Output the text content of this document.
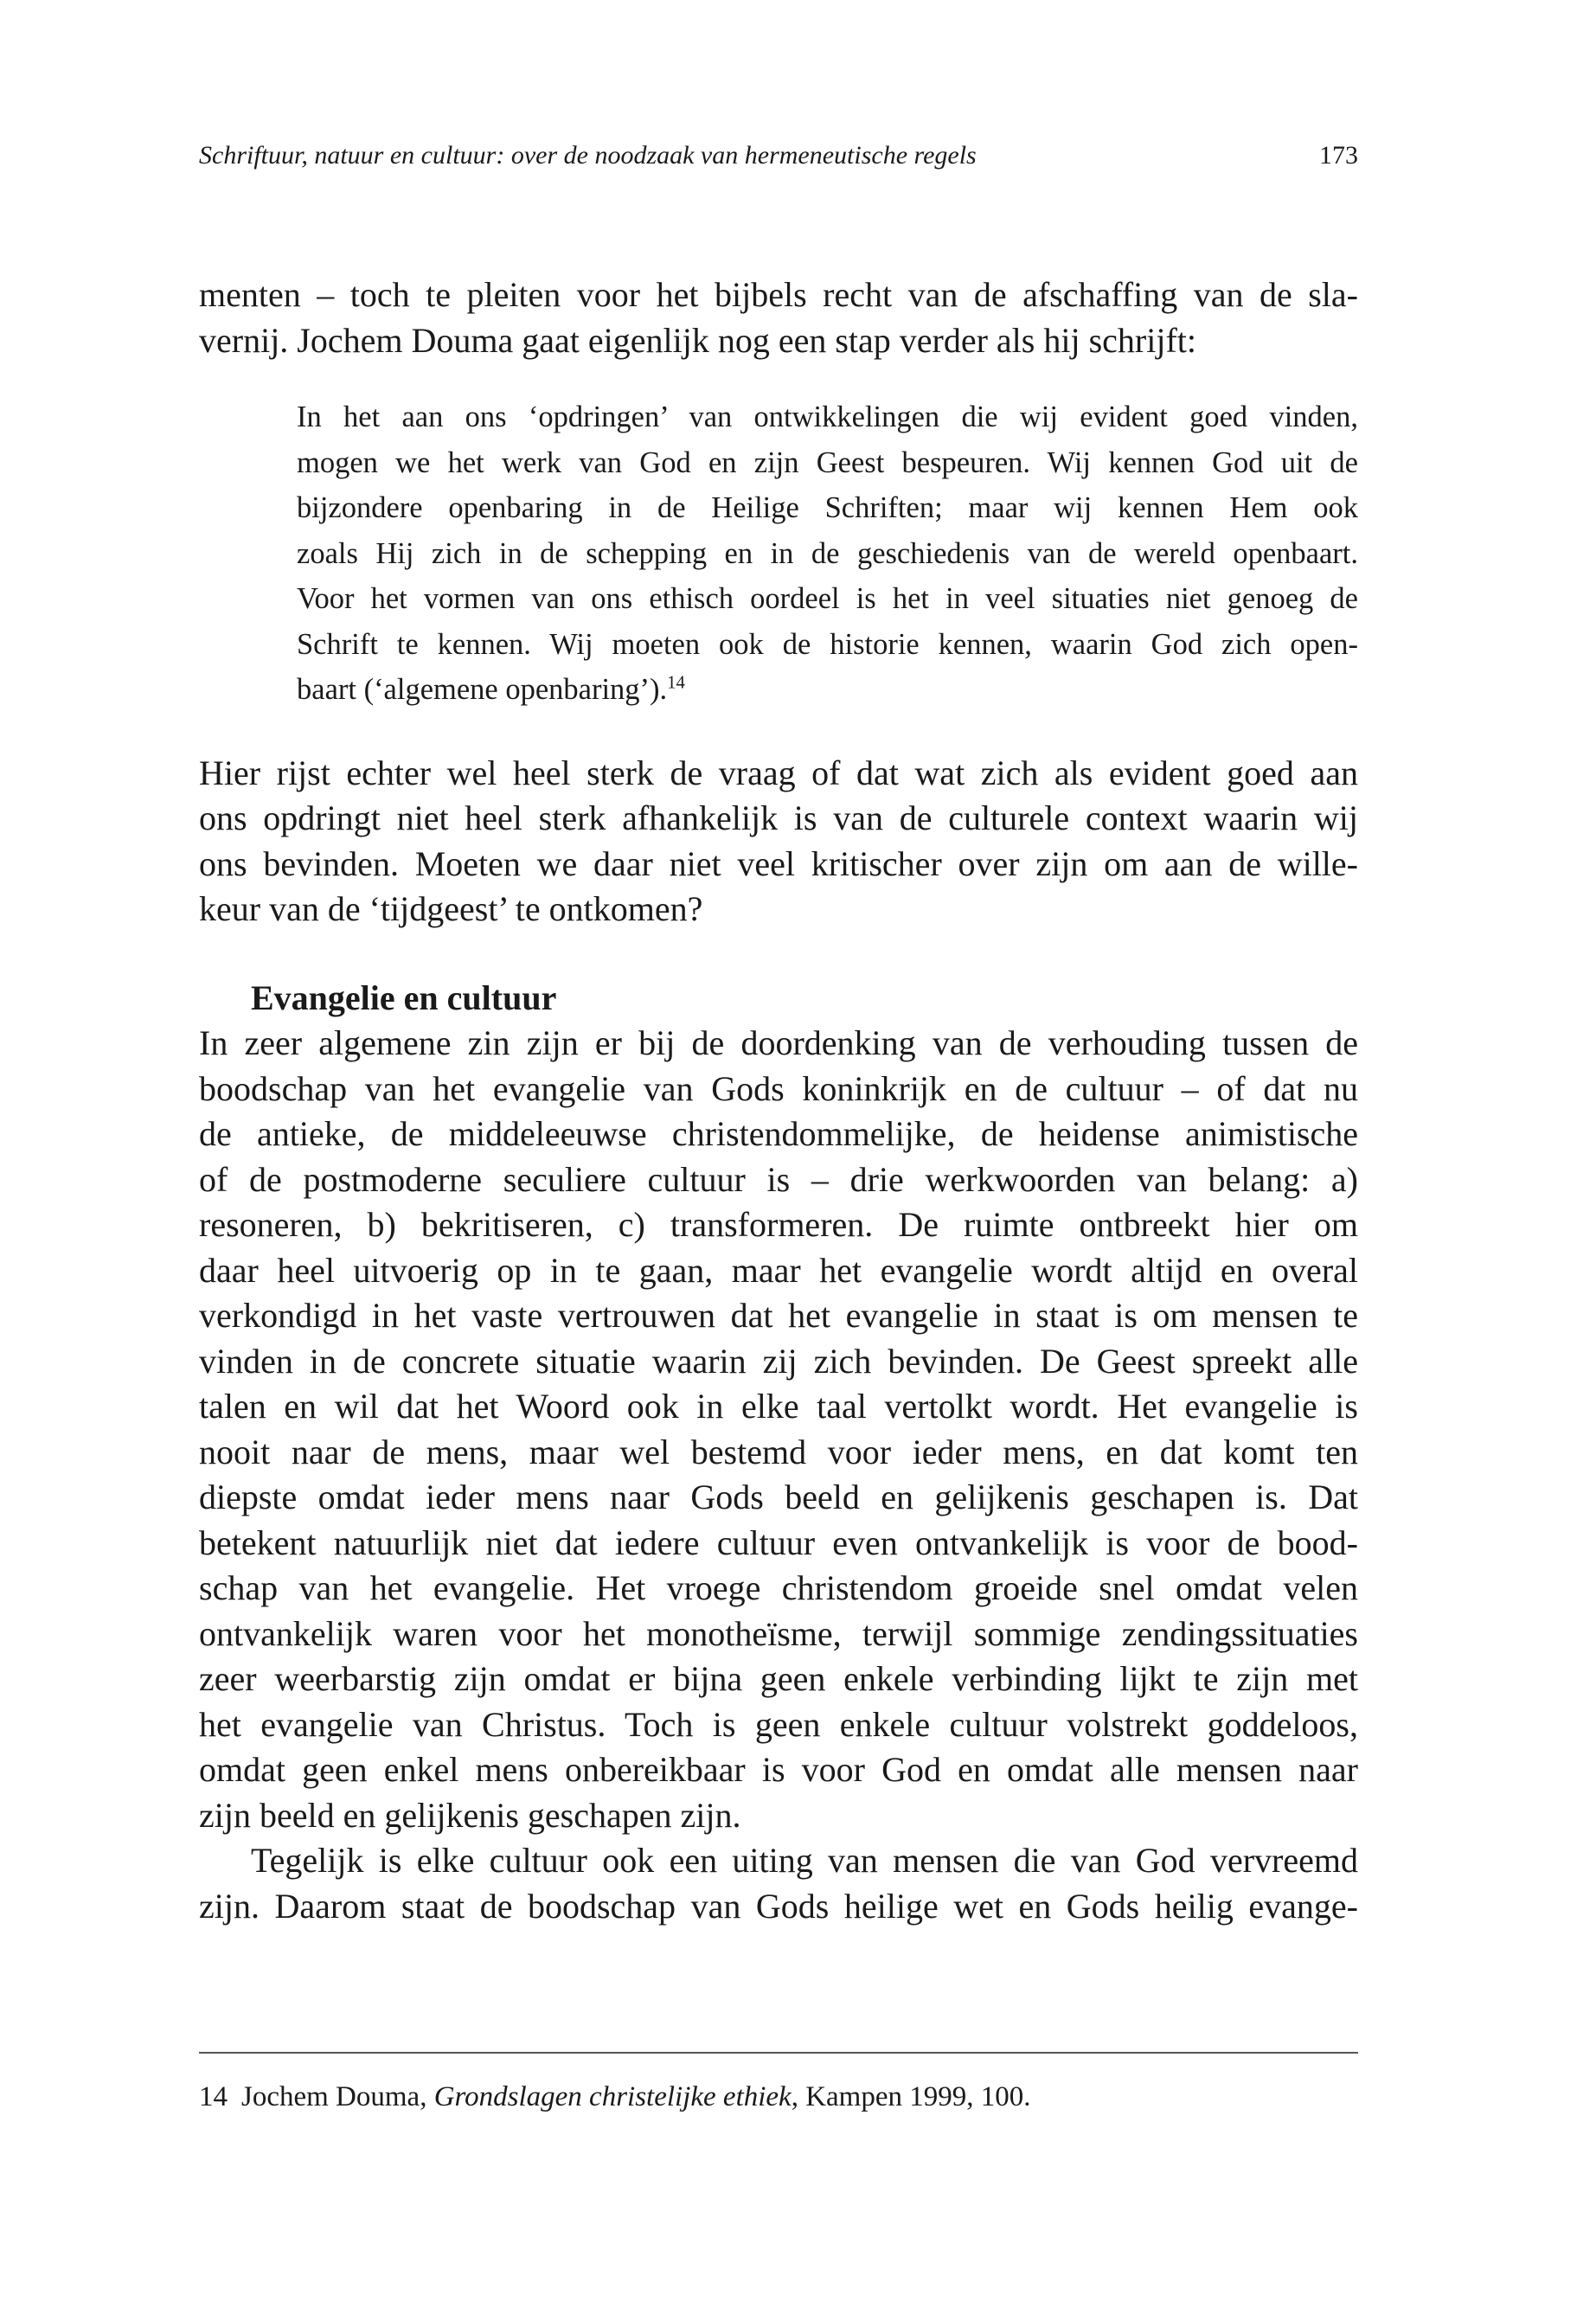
Schriftuur, natuur en cultuur: over de noodzaak van hermeneutische regels	173
menten – toch te pleiten voor het bijbels recht van de afschaffing van de sla-
vernij. Jochem Douma gaat eigenlijk nog een stap verder als hij schrijft:
In het aan ons ‘opdringen’ van ontwikkelingen die wij evident goed vinden,
mogen we het werk van God en zijn Geest bespeuren. Wij kennen God uit de
bijzondere openbaring in de Heilige Schriften; maar wij kennen Hem ook
zoals Hij zich in de schepping en in de geschiedenis van de wereld openbaart.
Voor het vormen van ons ethisch oordeel is het in veel situaties niet genoeg de
Schrift te kennen. Wij moeten ook de historie kennen, waarin God zich open-
baart (‘algemene openbaring’).$^{14}$
Hier rijst echter wel heel sterk de vraag of dat wat zich als evident goed aan
ons opdringt niet heel sterk afhankelijk is van de culturele context waarin wij
ons bevinden. Moeten we daar niet veel kritischer over zijn om aan de wille-
keur van de ‘tijdgeest’ te ontkomen?
Evangelie en cultuur
In zeer algemene zin zijn er bij de doordenking van de verhouding tussen de
boodschap van het evangelie van Gods koninkrijk en de cultuur – of dat nu
de antieke, de middeleeuwse christendommelijke, de heidense animistische
of de postmoderne seculiere cultuur is – drie werkwoorden van belang: a)
resoneren, b) bekritiseren, c) transformeren. De ruimte ontbreekt hier om
daar heel uitvoerig op in te gaan, maar het evangelie wordt altijd en overal
verkondigd in het vaste vertrouwen dat het evangelie in staat is om mensen te
vinden in de concrete situatie waarin zij zich bevinden. De Geest spreekt alle
talen en wil dat het Woord ook in elke taal vertolkt wordt. Het evangelie is
nooit naar de mens, maar wel bestemd voor ieder mens, en dat komt ten
diepste omdat ieder mens naar Gods beeld en gelijkenis geschapen is. Dat
betekent natuurlijk niet dat iedere cultuur even ontvankelijk is voor de bood-
schap van het evangelie. Het vroege christendom groeide snel omdat velen
ontvankelijk waren voor het monotheïsme, terwijl sommige zendingssituaties
zeer weerbarstig zijn omdat er bijna geen enkele verbinding lijkt te zijn met
het evangelie van Christus. Toch is geen enkele cultuur volstrekt goddeloos,
omdat geen enkel mens onbereikbaar is voor God en omdat alle mensen naar
zijn beeld en gelijkenis geschapen zijn.
Tegelijk is elke cultuur ook een uiting van mensen die van God vervreemd
zijn. Daarom staat de boodschap van Gods heilige wet en Gods heilig evange-
14 Jochem Douma, Grondslagen christelijke ethiek, Kampen 1999, 100.
